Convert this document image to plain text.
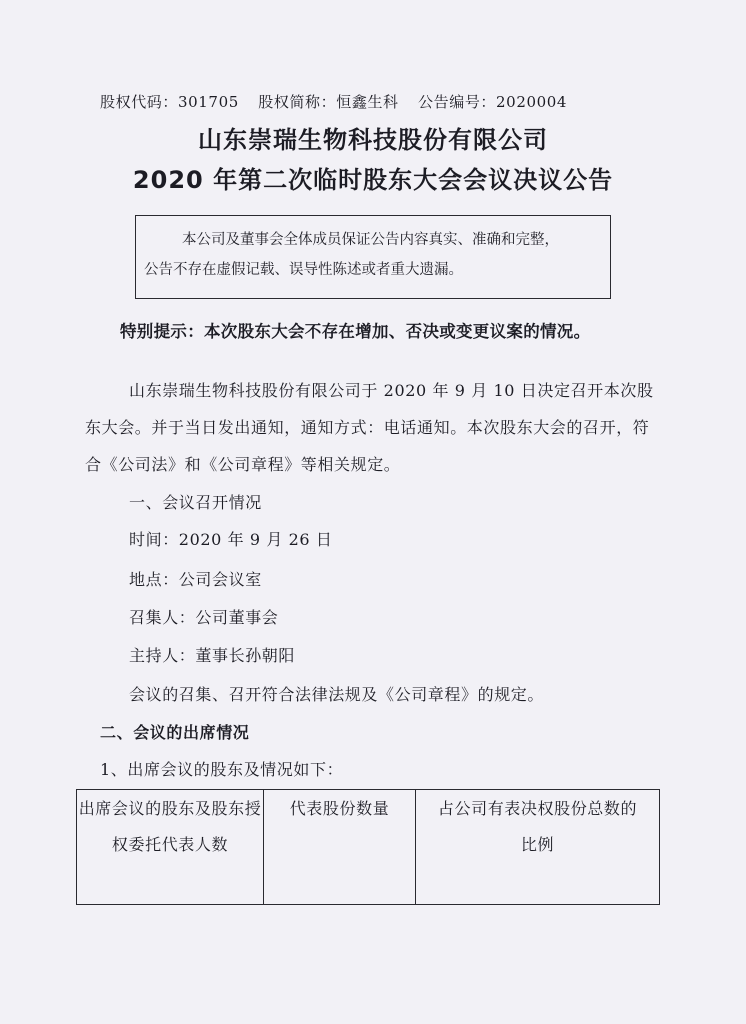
股权代码：301705 股权简称：恒鑫生科 公告编号：2020004
山东崇瑞生物科技股份有限公司
2020 年第二次临时股东大会会议决议公告
本公司及董事会全体成员保证公告内容真实、准确和完整，
公告不存在虚假记载、误导性陈述或者重大遗漏。
特别提示：本次股东大会不存在增加、否决或变更议案的情况。
山东崇瑞生物科技股份有限公司于 2020 年 9 月 10 日决定召开本次股东大会。并于当日发出通知，通知方式：电话通知。本次股东大会的召开，符合《公司法》和《公司章程》等相关规定。
一、会议召开情况
时间：2020 年 9 月 26 日
地点：公司会议室
召集人：公司董事会
主持人：董事长孙朝阳
会议的召集、召开符合法律法规及《公司章程》的规定。
二、会议的出席情况
1、出席会议的股东及情况如下：
出席会议的股东及股东授权委托代表人数
代表股份数量	占公司有表决权股份总数的比例
